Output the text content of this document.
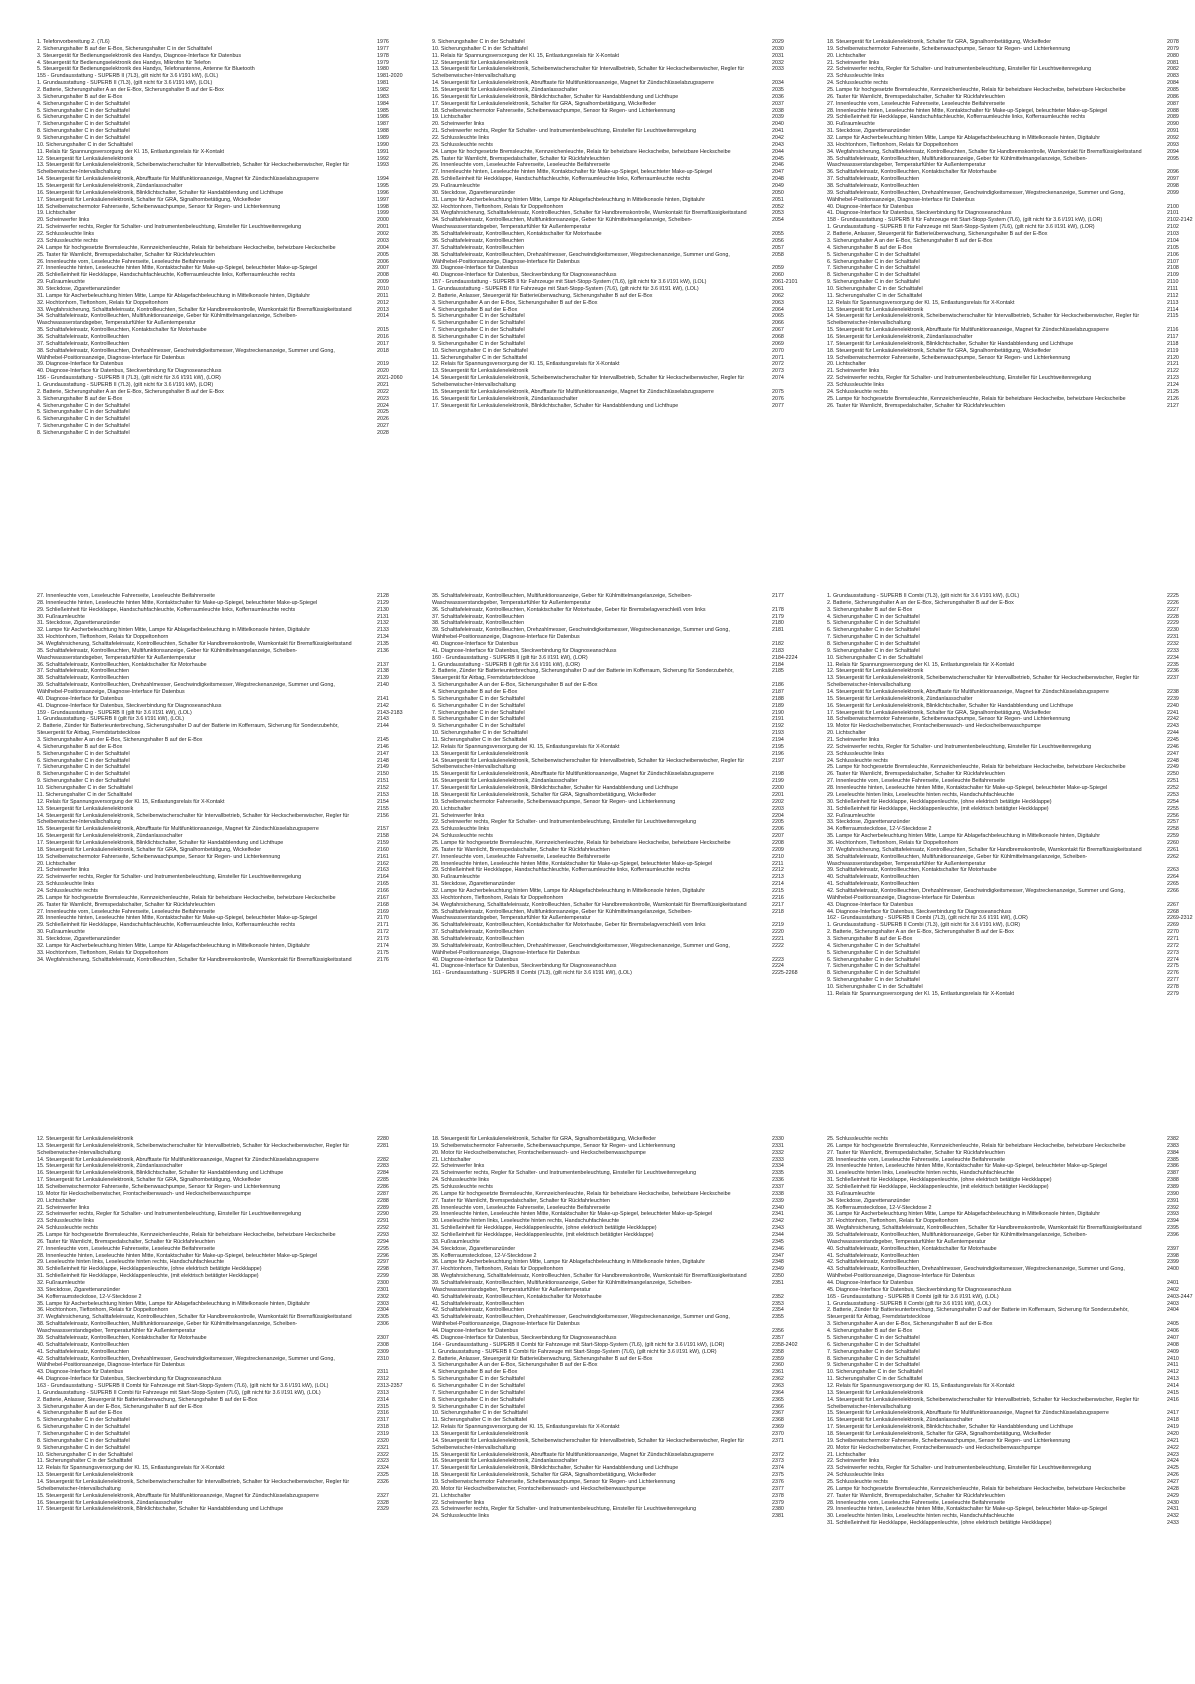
1. Telefonvorbereitung 2. (7L6)	1976
2. Sicherungshalter B auf der E-Box, Sicherungshalter C in der Schalttafel	1977
3. Steuergerät für Bedienungselektronik des Handys, Diagnose-Interface für Datenbus	1978
4. Steuergerät für Bedienungselektronik des Handys, Mikrofon für Telefon	1979
5. Steuergerät für Bedienungselektronik des Handys, Telefonantenne, Antenne für Bluetooth	1980
155 - Grundausstattung - SUPERB II (7L3), gilt nicht für 3.6 l/191 kW), (LOL)	1981-2020
1. Grundausstattung - SUPERB II (7L3), (gilt nicht für 3.6 l/191 kW), (LOL)	1981
2. Batterie, Sicherungshalter A an der E-Box, Sicherungshalter B auf der E-Box	1982
3. Sicherungshalter B auf der E-Box	1983
4. Sicherungshalter C in der Schalttafel	1984
5. Sicherungshalter C in der Schalttafel	1985
6. Sicherungshalter C in der Schalttafel	1986
7. Sicherungshalter C in der Schalttafel	1987
8. Sicherungshalter C in der Schalttafel	1988
9. Sicherungshalter C in der Schalttafel	1989
10. Sicherungshalter C in der Schalttafel	1990
11. Relais für Spannungsversorgung der Kl. 15, Entlastungsrelais für X-Kontakt	1991
12. Steuergerät für Lenksäulenelektronik	1992
13. Steuergerät für Lenksäulenelektronik, Scheibenwischerschalter für Intervallbetrieb, Schalter für Heckscheibenwischer, Regler für Scheibenwischer-Intervallschaltung
1993
14. Steuergerät für Lenksäulenelektronik, Abrufftaste für Multifunktionsanzeige, Magnet für Zündschlüsselabzugssperre	1994
15. Steuergerät für Lenksäulenelektronik, Zündanlassschalter	1995
16. Steuergerät für Lenksäulenelektronik, Blinklichtschalter, Schalter für Handabblendung und Lichthupe	1996
17. Steuergerät für Lenksäulenelektronik, Schalter für GRA, Signalhornbetätigung, Wickelfeder	1997
18. Scheibenwischermotor Fahrerseite, Scheibenwaschpumpe, Sensor für Regen- und Lichterkennung	1998
19. Lichtschalter	1999
20. Scheinwerfer links	2000
21. Scheinwerfer rechts, Regler für Schalter- und Instrumentenbeleuchtung, Einsteller für Leuchtweitenregelung	2001
22. Schlussleuchte links	2002
23. Schlussleuchte rechts	2003
24. Lampe für hochgesetzte Bremsleuchte, Kennzeichenleuchte, Relais für beheizbare Heckscheibe, beheizbare Heckscheibe	2004
25. Taster für Warnlicht, Bremspedalschalter, Schalter für Rückfahrleuchten	2005
26. Innenleuchte vorn, Leseleuchte Fahrerseite, Leseleuchte Beifahrerseite	2006
27. Innenleuchte hinten, Leseleuchte hinten Mitte, Kontaktschalter für Make-up-Spiegel, beleuchteter Make-up-Spiegel	2007
28. Schließeinheit für Heckklappe, Handschuhfachleuchte, Kofferraumleuchte links, Kofferraumleuchte rechts	2008
29. Fußraumleuchte	2009
30. Steckdose, Zigarettenanzünder	2010
31. Lampe für Ascherbeleuchtung hinten Mitte, Lampe für Ablagefachbeleuchtung in Mittelkonsole hinten, Digitaluhr	2011
32. Hochtonhorn, Tieftonhorn, Relais für Doppeltonhorn	2012
33. Wegfahrsicherung, Schalttafeleinsatz, Kontrollleuchten, Schalter für Handbremskontrolle, Warnkontakt für Bremsflüssigkeitsstand	2013
34. Schalttafeleinsatz, Kontrollleuchten, Multifunktionsanzeige, Geber für Kühlmittelmangelanzeige, Scheiben-Waschwassserstandsgeber, Temperaturfühler für Außentemperatur
2014
35. Schalttafeleinsatz, Kontrollleuchten, Kontaktschalter für Motorhaube	2015
36. Schalttafeleinsatz, Kontrollleuchten	2016
37. Schalttafeleinsatz, Kontrollleuchten	2017
38. Schalttafeleinsatz, Kontrollleuchten, Drehzahlmesser, Geschwindigkeitsmesser, Wegstreckenanzeige, Summer und Gong, Wählhebel-Positionsanzeige, Diagnose-Interface für Datenbus
2018
39. Diagnose-Interface für Datenbus	2019
40. Diagnose-Interface für Datenbus, Steckverbindung für Diagnoseanschluss	2020
156 - Grundausstattung - SUPERB II (7L3), (gilt nicht für 3.6 l/191 kW), (LOR)	2021-2060
1. Grundausstattung - SUPERB II (7L3), (gilt nicht für 3.6 l/191 kW), (LOR)	2021
2. Batterie, Sicherungshalter A an der E-Box, Sicherungshalter B auf der E-Box	2022
3. Sicherungshalter B auf der E-Box	2023
4. Sicherungshalter C in der Schalttafel	2024
5. Sicherungshalter C in der Schalttafel	2025
6. Sicherungshalter C in der Schalttafel	2026
7. Sicherungshalter C in der Schalttafel	2027
8. Sicherungshalter C in der Schalttafel	2028
9. Sicherungshalter C in der Schalttafel	2029
10. Sicherungshalter C in der Schalttafel	2030
11. Relais für Spannungsversorgung der Kl. 15, Entlastungsrelais für X-Kontakt	2031
12. Steuergerät für Lenksäulenelektronik	2032
13. Steuergerät für Lenksäulenelektronik, Scheibenwischerschalter für Intervallbetrieb, Schalter für Heckscheibenwischer, Regler für Scheibenwischer-Intervallschaltung
2033
14. Steuergerät für Lenksäulenelektronik, Abrufftaste für Multifunktionsanzeige, Magnet für Zündschlüsselabzugssperre	2034
15. Steuergerät für Lenksäulenelektronik, Zündanlassschalter	2035
16. Steuergerät für Lenksäulenelektronik, Blinklichtschalter, Schalter für Handabblendung und Lichthupe	2036
17. Steuergerät für Lenksäulenelektronik, Schalter für GRA, Signalhornbetätigung, Wickelfeder	2037
18. Scheibenwischermotor Fahrerseite, Scheibenwaschpumpe, Sensor für Regen- und Lichterkennung	2038
19. Lichtschalter	2039
20. Scheinwerfer links	2040
21. Scheinwerfer rechts, Regler für Schalter- und Instrumentenbeleuchtung, Einsteller für Leuchtweitenregelung	2041
22. Schlussleuchte links	2042
23. Schlussleuchte rechts	2043
24. Lampe für hochgesetzte Bremsleuchte, Kennzeichenleuchte, Relais für beheizbare Heckscheibe, beheizbare Heckscheibe	2044
25. Taster für Warnlicht, Bremspedalschalter, Schalter für Rückfahrleuchten	2045
26. Innenleuchte vorn, Leseleuchte Fahrerseite, Leseleuchte Beifahrerseite	2046
27. Innenleuchte hinten, Leseleuchte hinten Mitte, Kontaktschalter für Make-up-Spiegel, beleuchteter Make-up-Spiegel	2047
28. Schließeinheit für Heckklappe, Handschuhfachleuchte, Kofferraumleuchte links, Kofferraumleuchte rechts	2048
29. Fußraumleuchte	2049
30. Steckdose, Zigarettenanzünder	2050
31. Lampe für Ascherbeleuchtung hinten Mitte, Lampe für Ablagefachbeleuchtung in Mittelkonsole hinten, Digitaluhr	2051
32. Hochtonhorn, Tieftonhorn, Relais für Doppeltonhorn	2052
33. Wegfahrsicherung, Schalttafeleinsatz, Kontrollleuchten, Schalter für Handbremskontrolle, Warnkontakt für Bremsflüssigkeitsstand	2053
34. Schalttafeleinsatz, Kontrollleuchten, Multifunktionsanzeige, Geber für Kühlmittelmangelanzeige, Scheiben-Waschwassserstandsgeber, Temperaturfühler für Außentemperatur
2054
35. Schalttafeleinsatz, Kontrollleuchten, Kontaktschalter für Motorhaube	2055
36. Schalttafeleinsatz, Kontrollleuchten	2056
37. Schalttafeleinsatz, Kontrollleuchten	2057
38. Schalttafeleinsatz, Kontrollleuchten, Drehzahlmesser, Geschwindigkeitsmesser, Wegstreckenanzeige, Summer und Gong, Wählhebel-Positionsanzeige, Diagnose-Interface für Datenbus
2058
39. Diagnose-Interface für Datenbus	2059
40. Diagnose-Interface für Datenbus, Steckverbindung für Diagnoseanschluss	2060
157 - Grundausstattung - SUPERB II für Fahrzeuge mit Start-Stopp-System (7L6), (gilt nicht für 3.6 l/191 kW), (LOL)	2061-2101
1. Grundausstattung - SUPERB II für Fahrzeuge mit Start-Stopp-System (7L6), (gilt nicht für 3.6 l/191 kW), (LOL)	2061
2. Batterie, Anlasser, Steuergerät für Batterieüberwachung, Sicherungshalter B auf der E-Box	2062
3. Sicherungshalter A an der E-Box, Sicherungshalter B auf der E-Box	2063
4. Sicherungshalter B auf der E-Box	2064
5. Sicherungshalter C in der Schalttafel	2065
6. Sicherungshalter C in der Schalttafel	2066
7. Sicherungshalter C in der Schalttafel	2067
8. Sicherungshalter C in der Schalttafel	2068
9. Sicherungshalter C in der Schalttafel	2069
10. Sicherungshalter C in der Schalttafel	2070
11. Sicherungshalter C in der Schalttafel	2071
12. Relais für Spannungsversorgung der Kl. 15, Entlastungsrelais für X-Kontakt	2072
13. Steuergerät für Lenksäulenelektronik	2073
14. Steuergerät für Lenksäulenelektronik, Scheibenwischerschalter für Intervallbetrieb, Schalter für Heckscheibenwischer, Regler für Scheibenwischer-Intervallschaltung
2074
15. Steuergerät für Lenksäulenelektronik, Abrufftaste für Multifunktionsanzeige, Magnet für Zündschlüsselabzugssperre	2075
16. Steuergerät für Lenksäulenelektronik, Zündanlassschalter	2076
17. Steuergerät für Lenksäulenelektronik, Blinklichtschalter, Schalter für Handabblendung und Lichthupe	2077
18. Steuergerät für Lenksäulenelektronik, Schalter für GRA, Signalhornbetätigung, Wickelfeder	2078
19. Scheibenwischermotor Fahrerseite, Scheibenwaschpumpe, Sensor für Regen- und Lichterkennung	2079
20. Lichtschalter	2080
21. Scheinwerfer links	2081
22. Scheinwerfer rechts, Regler für Schalter- und Instrumentenbeleuchtung, Einsteller für Leuchtweitenregelung	2082
23. Schlussleuchte links	2083
24. Schlussleuchte rechts	2084
25. Lampe für hochgesetzte Bremsleuchte, Kennzeichenleuchte, Relais für beheizbare Heckscheibe, beheizbare Heckscheibe	2085
26. Taster für Warnlicht, Bremspedalschalter, Schalter für Rückfahrleuchten	2086
27. Innenleuchte vorn, Leseleuchte Fahrerseite, Leseleuchte Beifahrerseite	2087
28. Innenleuchte hinten, Leseleuchte hinten Mitte, Kontaktschalter für Make-up-Spiegel, beleuchteter Make-up-Spiegel	2088
29. Schließeinheit für Heckklappe, Handschuhfachleuchte, Kofferraumleuchte links, Kofferraumleuchte rechts	2089
30. Fußraumleuchte	2090
31. Steckdose, Zigarettenanzünder	2091
32. Lampe für Ascherbeleuchtung hinten Mitte, Lampe für Ablagefachbeleuchtung in Mittelkonsole hinten, Digitaluhr	2092
33. Hochtonhorn, Tieftonhorn, Relais für Doppeltonhorn	2093
34. Wegfahrsicherung, Schalttafeleinsatz, Kontrollleuchten, Schalter für Handbremskontrolle, Warnkontakt für Bremsflüssigkeitsstand	2094
35. Schalttafeleinsatz, Kontrollleuchten, Multifunktionsanzeige, Geber für Kühlmittelmangelanzeige, Scheiben-Waschwassserstandsgeber, Temperaturfühler für Außentemperatur
2095
36. Schalttafeleinsatz, Kontrollleuchten, Kontaktschalter für Motorhaube	2096
37. Schalttafeleinsatz, Kontrollleuchten	2097
38. Schalttafeleinsatz, Kontrollleuchten	2098
39. Schalttafeleinsatz, Kontrollleuchten, Drehzahlmesser, Geschwindigkeitsmesser, Wegstreckenanzeige, Summer und Gong, Wählhebel-Positionsanzeige, Diagnose-Interface für Datenbus
2099
40. Diagnose-Interface für Datenbus	2100
41. Diagnose-Interface für Datenbus, Steckverbindung für Diagnoseanschluss	2101
158 - Grundausstattung - SUPERB II für Fahrzeuge mit Start-Stopp-System (7L6), (gilt nicht für 3.6 l/191 kW), (LOR)	2102-2142
1. Grundausstattung - SUPERB II für Fahrzeuge mit Start-Stopp-System (7L6), (gilt nicht für 3.6 l/191 kW), (LOR)	2102
2. Batterie, Anlasser, Steuergerät für Batterieüberwachung, Sicherungshalter B auf der E-Box	2103
3. Sicherungshalter A an der E-Box, Sicherungshalter B auf der E-Box	2104
4. Sicherungshalter B auf der E-Box	2105
5. Sicherungshalter C in der Schalttafel	2106
6. Sicherungshalter C in der Schalttafel	2107
7. Sicherungshalter C in der Schalttafel	2108
8. Sicherungshalter C in der Schalttafel	2109
9. Sicherungshalter C in der Schalttafel	2110
10. Sicherungshalter C in der Schalttafel	2111
11. Sicherungshalter C in der Schalttafel	2112
12. Relais für Spannungsversorgung der Kl. 15, Entlastungsrelais für X-Kontakt	2113
13. Steuergerät für Lenksäulenelektronik	2114
14. Steuergerät für Lenksäulenelektronik, Scheibenwischerschalter für Intervallbetrieb, Schalter für Heckscheibenwischer, Regler für Scheibenwischer-Intervallschaltung
2115
15. Steuergerät für Lenksäulenelektronik, Abrufftaste für Multifunktionsanzeige, Magnet für Zündschlüsselabzugssperre	2116
16. Steuergerät für Lenksäulenelektronik, Zündanlassschalter	2117
17. Steuergerät für Lenksäulenelektronik, Blinklichtschalter, Schalter für Handabblendung und Lichthupe	2118
18. Steuergerät für Lenksäulenelektronik, Schalter für GRA, Signalhornbetätigung, Wickelfeder	2119
19. Scheibenwischermotor Fahrerseite, Scheibenwaschpumpe, Sensor für Regen- und Lichterkennung	2120
20. Lichtschalter	2121
21. Scheinwerfer links	2122
22. Scheinwerfer rechts, Regler für Schalter- und Instrumentenbeleuchtung, Einsteller für Leuchtweitenregelung	2123
23. Schlussleuchte links	2124
24. Schlussleuchte rechts	2125
25. Lampe für hochgesetzte Bremsleuchte, Kennzeichenleuchte, Relais für beheizbare Heckscheibe, beheizbare Heckscheibe	2126
26. Taster für Warnlicht, Bremspedalschalter, Schalter für Rückfahrleuchten	2127
27. Innenleuchte vorn, Leseleuchte Fahrerseite, Leseleuchte Beifahrerseite	2128
28. Innenleuchte hinten, Leseleuchte hinten Mitte, Kontaktschalter für Make-up-Spiegel, beleuchteter Make-up-Spiegel	2129
29. Schließeinheit für Heckklappe, Handschuhfachleuchte, Kofferraumleuchte links, Kofferraumleuchte rechts	2130
30. Fußraumleuchte	2131
31. Steckdose, Zigarettenanzünder	2132
32. Lampe für Ascherbeleuchtung hinten Mitte, Lampe für Ablagefachbeleuchtung in Mittelkonsole hinten, Digitaluhr	2133
33. Hochtonhorn, Tieftonhorn, Relais für Doppeltonhorn	2134
34. Wegfahrsicherung, Schalttafeleinsatz, Kontrollleuchten, Schalter für Handbremskontrolle, Warnkontakt für Bremsflüssigkeitsstand	2135
35. Schalttafeleinsatz, Kontrollleuchten, Multifunktionsanzeige, Geber für Kühlmittelmangelanzeige, Scheiben-Waschwassserstandsgeber, Temperaturfühler für Außentemperatur
2136
36. Schalttafeleinsatz, Kontrollleuchten, Kontaktschalter für Motorhaube	2137
37. Schalttafeleinsatz, Kontrollleuchten	2138
38. Schalttafeleinsatz, Kontrollleuchten	2139
39. Schalttafeleinsatz, Kontrollleuchten, Drehzahlmesser, Geschwindigkeitsmesser, Wegstreckenanzeige, Summer und Gong, Wählhebel-Positionsanzeige, Diagnose-Interface für Datenbus
2140
40. Diagnose-Interface für Datenbus	2141
41. Diagnose-Interface für Datenbus, Steckverbindung für Diagnoseanschluss	2142
159 - Grundausstattung - SUPERB II (gilt für 3.6 l/191 kW), (LOL)	2143-2183
1. Grundausstattung - SUPERB II (gilt für 3.6 l/191 kW), (LOL)	2143
2. Batterie, Zünder für Batterieunterbrechung, Sicherungshalter D auf der Batterie im Kofferraum, Sicherung für Sonderzubehör, Steuergerät für Airbag, Fremdstartstecklose
2144
3. Sicherungshalter A an der E-Box, Sicherungshalter B auf der E-Box	2145
4. Sicherungshalter B auf der E-Box	2146
5. Sicherungshalter C in der Schalttafel	2147
6. Sicherungshalter C in der Schalttafel	2148
7. Sicherungshalter C in der Schalttafel	2149
8. Sicherungshalter C in der Schalttafel	2150
9. Sicherungshalter C in der Schalttafel	2151
10. Sicherungshalter C in der Schalttafel	2152
11. Sicherungshalter C in der Schalttafel	2153
12. Relais für Spannungsversorgung der Kl. 15, Entlastungsrelais für X-Kontakt	2154
13. Steuergerät für Lenksäulenelektronik	2155
14. Steuergerät für Lenksäulenelektronik, Scheibenwischerschalter für Intervallbetrieb, Schalter für Heckscheibenwischer, Regler für Scheibenwischer-Intervallschaltung
2156
15. Steuergerät für Lenksäulenelektronik, Abrufftaste für Multifunktionsanzeige, Magnet für Zündschlüsselabzugssperre	2157
16. Steuergerät für Lenksäulenelektronik, Zündanlassschalter	2158
17. Steuergerät für Lenksäulenelektronik, Blinklichtschalter, Schalter für Handabblendung und Lichthupe	2159
18. Steuergerät für Lenksäulenelektronik, Schalter für GRA, Signalhornbetätigung, Wickelfeder	2160
19. Scheibenwischermotor Fahrerseite, Scheibenwaschpumpe, Sensor für Regen- und Lichterkennung	2161
20. Lichtschalter	2162
21. Scheinwerfer links	2163
22. Scheinwerfer rechts, Regler für Schalter- und Instrumentenbeleuchtung, Einsteller für Leuchtweitenregelung	2164
23. Schlussleuchte links	2165
24. Schlussleuchte rechts	2166
25. Lampe für hochgesetzte Bremsleuchte, Kennzeichenleuchte, Relais für beheizbare Heckscheibe, beheizbare Heckscheibe	2167
26. Taster für Warnlicht, Bremspedalschalter, Schalter für Rückfahrleuchten	2168
27. Innenleuchte vorn, Leseleuchte Fahrerseite, Leseleuchte Beifahrerseite	2169
28. Innenleuchte hinten, Leseleuchte hinten Mitte, Kontaktschalter für Make-up-Spiegel, beleuchteter Make-up-Spiegel	2170
29. Schließeinheit für Heckklappe, Handschuhfachleuchte, Kofferraumleuchte links, Kofferraumleuchte rechts	2171
30. Fußraumleuchte	2172
31. Steckdose, Zigarettenanzünder	2173
32. Lampe für Ascherbeleuchtung hinten Mitte, Lampe für Ablagefachbeleuchtung in Mittelkonsole hinten, Digitaluhr	2174
33. Hochtonhorn, Tieftonhorn, Relais für Doppeltonhorn	2175
34. Wegfahrsicherung, Schalttafeleinsatz, Kontrollleuchten, Schalter für Handbremskontrolle, Warnkontakt für Bremsflüssigkeitsstand	2176
35. Schalttafeleinsatz, Kontrollleuchten, Multifunktionsanzeige, Geber für Kühlmittelmangelanzeige, Scheiben-Waschwassserstandsgeber, Temperaturfühler für Außentemperatur
2177
36. Schalttafeleinsatz, Kontrollleuchten, Kontaktschalter für Motorhaube, Geber für Bremsbelagverschleiß vorn links	2178
37. Schalttafeleinsatz, Kontrollleuchten	2179
38. Schalttafeleinsatz, Kontrollleuchten	2180
39. Schalttafeleinsatz, Kontrollleuchten, Drehzahlmesser, Geschwindigkeitsmesser, Wegstreckenanzeige, Summer und Gong, Wählhebel-Positionsanzeige, Diagnose-Interface für Datenbus
2181
40. Diagnose-Interface für Datenbus	2182
41. Diagnose-Interface für Datenbus, Steckverbindung für Diagnoseanschluss	2183
160 - Grundausstattung - SUPERB II (gilt für 3.6 l/191 kW), (LOR)	2184-2224
1. Grundausstattung - SUPERB II (gilt für 3.6 l/191 kW), (LOR)	2184
2. Batterie, Zünder für Batterieunterbrechung, Sicherungshalter D auf der Batterie im Kofferraum, Sicherung für Sonderzubehör, Steuergerät für Airbag, Fremdstartstecklose
2185
3. Sicherungshalter A an der E-Box, Sicherungshalter B auf der E-Box	2186
4. Sicherungshalter B auf der E-Box	2187
5. Sicherungshalter C in der Schalttafel	2188
6. Sicherungshalter C in der Schalttafel	2189
7. Sicherungshalter C in der Schalttafel	2190
8. Sicherungshalter C in der Schalttafel	2191
9. Sicherungshalter C in der Schalttafel	2192
10. Sicherungshalter C in der Schalttafel	2193
11. Sicherungshalter C in der Schalttafel	2194
12. Relais für Spannungsversorgung der Kl. 15, Entlastungsrelais für X-Kontakt	2195
13. Steuergerät für Lenksäulenelektronik	2196
14. Steuergerät für Lenksäulenelektronik, Scheibenwischerschalter für Intervallbetrieb, Schalter für Heckscheibenwischer, Regler für Scheibenwischer-Intervallschaltung
2197
15. Steuergerät für Lenksäulenelektronik, Abrufftaste für Multifunktionsanzeige, Magnet für Zündschlüsselabzugssperre	2198
16. Steuergerät für Lenksäulenelektronik, Zündanlassschalter	2199
17. Steuergerät für Lenksäulenelektronik, Blinklichtschalter, Schalter für Handabblendung und Lichthupe	2200
18. Steuergerät für Lenksäulenelektronik, Schalter für GRA, Signalhornbetätigung, Wickelfeder	2201
19. Scheibenwischermotor Fahrerseite, Scheibenwaschpumpe, Sensor für Regen- und Lichterkennung	2202
20. Lichtschalter	2203
21. Scheinwerfer links	2204
22. Scheinwerfer rechts, Regler für Schalter- und Instrumentenbeleuchtung, Einsteller für Leuchtweitenregelung	2205
23. Schlussleuchte links	2206
24. Schlussleuchte rechts	2207
25. Lampe für hochgesetzte Bremsleuchte, Kennzeichenleuchte, Relais für beheizbare Heckscheibe, beheizbare Heckscheibe	2208
26. Taster für Warnlicht, Bremspedalschalter, Schalter für Rückfahrleuchten	2209
27. Innenleuchte vorn, Leseleuchte Fahrerseite, Leseleuchte Beifahrerseite	2210
28. Innenleuchte hinten, Leseleuchte hinten Mitte, Kontaktschalter für Make-up-Spiegel, beleuchteter Make-up-Spiegel	2211
29. Schließeinheit für Heckklappe, Handschuhfachleuchte, Kofferraumleuchte links, Kofferraumleuchte rechts	2212
30. Fußraumleuchte	2213
31. Steckdose, Zigarettenanzünder	2214
32. Lampe für Ascherbeleuchtung hinten Mitte, Lampe für Ablagefachbeleuchtung in Mittelkonsole hinten, Digitaluhr	2215
33. Hochtonhorn, Tieftonhorn, Relais für Doppeltonhorn	2216
34. Wegfahrsicherung, Schalttafeleinsatz, Kontrollleuchten, Schalter für Handbremskontrolle, Warnkontakt für Bremsflüssigkeitsstand	2217
35. Schalttafeleinsatz, Kontrollleuchten, Multifunktionsanzeige, Geber für Kühlmittelmangelanzeige, Scheiben-Waschwassserstandsgeber, Temperaturfühler für Außentemperatur
2218
36. Schalttafeleinsatz, Kontrollleuchten, Kontaktschalter für Motorhaube, Geber für Bremsbelagverschleiß vorn links	2219
37. Schalttafeleinsatz, Kontrollleuchten	2220
38. Schalttafeleinsatz, Kontrollleuchten	2221
39. Schalttafeleinsatz, Kontrollleuchten, Drehzahlmesser, Geschwindigkeitsmesser, Wegstreckenanzeige, Summer und Gong, Wählhebel-Positionsanzeige, Diagnose-Interface für Datenbus
2222
40. Diagnose-Interface für Datenbus	2223
41. Diagnose-Interface für Datenbus, Steckverbindung für Diagnoseanschluss	2224
161 - Grundausstattung - SUPERB II Combi (7L3), (gilt nicht für 3.6 l/191 kW), (LOL)	2225-2268
1. Grundausstattung - SUPERB II Combi (7L3), (gilt nicht für 3.6 l/191 kW), (LOL)	2225
2. Batterie, Sicherungshalter A an der E-Box, Sicherungshalter B auf der E-Box	2226
3. Sicherungshalter B auf der E-Box	2227
4. Sicherungshalter C in der Schalttafel	2228
5. Sicherungshalter C in der Schalttafel	2229
6. Sicherungshalter C in der Schalttafel	2230
7. Sicherungshalter C in der Schalttafel	2231
8. Sicherungshalter C in der Schalttafel	2232
9. Sicherungshalter C in der Schalttafel	2233
10. Sicherungshalter C in der Schalttafel	2234
11. Relais für Spannungsversorgung der Kl. 15, Entlastungsrelais für X-Kontakt	2235
12. Steuergerät für Lenksäulenelektronik	2236
13. Steuergerät für Lenksäulenelektronik, Scheibenwischerschalter für Intervallbetrieb, Schalter für Heckscheibenwischer, Regler für Scheibenwischer-Intervallschaltung
2237
14. Steuergerät für Lenksäulenelektronik, Abrufftaste für Multifunktionsanzeige, Magnet für Zündschlüsselabzugssperre	2238
15. Steuergerät für Lenksäulenelektronik, Zündanlassschalter	2239
16. Steuergerät für Lenksäulenelektronik, Blinklichtschalter, Schalter für Handabblendung und Lichthupe	2240
17. Steuergerät für Lenksäulenelektronik, Schalter für GRA, Signalhornbetätigung, Wickelfeder	2241
18. Scheibenwischermotor Fahrerseite, Scheibenwaschpumpe, Sensor für Regen- und Lichterkennung	2242
19. Motor für Heckscheibenwischer, Frontscheibenwasch- und Heckscheibenwaschpumpe	2243
20. Lichtschalter	2244
21. Scheinwerfer links	2245
22. Scheinwerfer rechts, Regler für Schalter- und Instrumentenbeleuchtung, Einsteller für Leuchtweitenregelung	2246
23. Schlussleuchte links	2247
24. Schlussleuchte rechts	2248
25. Lampe für hochgesetzte Bremsleuchte, Kennzeichenleuchte, Relais für beheizbare Heckscheibe, beheizbare Heckscheibe	2249
26. Taster für Warnlicht, Bremspedalschalter, Schalter für Rückfahrleuchten	2250
27. Innenleuchte vorn, Leseleuchte Fahrerseite, Leseleuchte Beifahrerseite	2251
28. Innenleuchte hinten, Leseleuchte hinten Mitte, Kontaktschalter für Make-up-Spiegel, beleuchteter Make-up-Spiegel	2252
29. Leseleuchte hinten links, Leseleuchte hinten rechts, Handschuhfachleuchte	2253
30. Schließeinheit für Heckklappe, Heckklappenleuchte, (ohne elektrisch betätigte Heckklappe)	2254
31. Schließeinheit für Heckklappe, Heckklappenleuchte, (mit elektrisch betätigter Heckklappe)	2255
32. Fußraumleuchte	2256
33. Steckdose, Zigarettenanzünder	2257
34. Kofferraumsteckdose, 12-V-Steckdose 2	2258
35. Lampe für Ascherbeleuchtung hinten Mitte, Lampe für Ablagefachbeleuchtung in Mittelkonsole hinten, Digitaluhr	2259
36. Hochtonhorn, Tieftonhorn, Relais für Doppeltonhorn	2260
37. Wegfahrsicherung, Schalttafeleinsatz, Kontrollleuchten, Schalter für Handbremskontrolle, Warnkontakt für Bremsflüssigkeitsstand	2261
38. Schalttafeleinsatz, Kontrollleuchten, Multifunktionsanzeige, Geber für Kühlmittelmangelanzeige, Scheiben-Waschwassserstandsgeber, Temperaturfühler für Außentemperatur
2262
39. Schalttafeleinsatz, Kontrollleuchten, Kontaktschalter für Motorhaube	2263
40. Schalttafeleinsatz, Kontrollleuchten	2264
41. Schalttafeleinsatz, Kontrollleuchten	2265
42. Schalttafeleinsatz, Kontrollleuchten, Drehzahlmesser, Geschwindigkeitsmesser, Wegstreckenanzeige, Summer und Gong, Wählhebel-Positionsanzeige, Diagnose-Interface für Datenbus
2266
43. Diagnose-Interface für Datenbus	2267
44. Diagnose-Interface für Datenbus, Steckverbindung für Diagnoseanschluss	2268
162 - Grundausstattung - SUPERB II Combi (7L3), (gilt nicht für 3.6 l/191 kW), (LOR)	2269-2312
1. Grundausstattung - SUPERB II Combi (7L3), (gilt nicht für 3.6 l/191 kW), (LOR)	2269
2. Batterie, Sicherungshalter A an der E-Box, Sicherungshalter B auf der E-Box	2270
3. Sicherungshalter B auf der E-Box	2271
4. Sicherungshalter C in der Schalttafel	2272
5. Sicherungshalter C in der Schalttafel	2273
6. Sicherungshalter C in der Schalttafel	2274
7. Sicherungshalter C in der Schalttafel	2275
8. Sicherungshalter C in der Schalttafel	2276
9. Sicherungshalter C in der Schalttafel	2277
10. Sicherungshalter C in der Schalttafel	2278
11. Relais für Spannungsversorgung der Kl. 15, Entlastungsrelais für X-Kontakt	2279
12. Steuergerät für Lenksäulenelektronik	2280
13. Steuergerät für Lenksäulenelektronik, Scheibenwischerschalter für Intervallbetrieb, Schalter für Heckscheibenwischer, Regler für Scheibenwischer-Intervallschaltung
2281
14. Steuergerät für Lenksäulenelektronik, Abrufftaste für Multifunktionsanzeige, Magnet für Zündschlüsselabzugssperre	2282
15. Steuergerät für Lenksäulenelektronik, Zündanlassschalter	2283
16. Steuergerät für Lenksäulenelektronik, Blinklichtschalter, Schalter für Handabblendung und Lichthupe	2284
17. Steuergerät für Lenksäulenelektronik, Schalter für GRA, Signalhornbetätigung, Wickelfeder	2285
18. Scheibenwischermotor Fahrerseite, Scheibenwaschpumpe, Sensor für Regen- und Lichterkennung	2286
19. Motor für Heckscheibenwischer, Frontscheibenwasch- und Heckscheibenwaschpumpe	2287
20. Lichtschalter	2288
21. Scheinwerfer links	2289
22. Scheinwerfer rechts, Regler für Schalter- und Instrumentenbeleuchtung, Einsteller für Leuchtweitenregelung	2290
23. Schlussleuchte links	2291
24. Schlussleuchte rechts	2292
25. Lampe für hochgesetzte Bremsleuchte, Kennzeichenleuchte, Relais für beheizbare Heckscheibe, beheizbare Heckscheibe	2293
26. Taster für Warnlicht, Bremspedalschalter, Schalter für Rückfahrleuchten	2294
27. Innenleuchte vorn, Leseleuchte Fahrerseite, Leseleuchte Beifahrerseite	2295
28. Innenleuchte hinten, Leseleuchte hinten Mitte, Kontaktschalter für Make-up-Spiegel, beleuchteter Make-up-Spiegel	2296
29. Leseleuchte hinten links, Leseleuchte hinten rechts, Handschuhfachleuchte	2297
30. Schließeinheit für Heckklappe, Heckklappenleuchte, (ohne elektrisch betätigte Heckklappe)	2298
31. Schließeinheit für Heckklappe, Heckklappenleuchte, (mit elektrisch betätigter Heckklappe)	2299
32. Fußraumleuchte	2300
33. Steckdose, Zigarettenanzünder	2301
34. Kofferraumsteckdose, 12-V-Steckdose 2	2302
35. Lampe für Ascherbeleuchtung hinten Mitte, Lampe für Ablagefachbeleuchtung in Mittelkonsole hinten, Digitaluhr	2303
36. Hochtonhorn, Tieftonhorn, Relais für Doppeltonhorn	2304
37. Wegfahrsicherung, Schalttafeleinsatz, Kontrollleuchten, Schalter für Handbremskontrolle, Warnkontakt für Bremsflüssigkeitsstand	2305
38. Schalttafeleinsatz, Kontrollleuchten, Multifunktionsanzeige, Geber für Kühlmittelmangelanzeige, Scheiben-Waschwassserstandsgeber, Temperaturfühler für Außentemperatur
2306
39. Schalttafeleinsatz, Kontrollleuchten, Kontaktschalter für Motorhaube	2307
40. Schalttafeleinsatz, Kontrollleuchten	2308
41. Schalttafeleinsatz, Kontrollleuchten	2309
42. Schalttafeleinsatz, Kontrollleuchten, Drehzahlmesser, Geschwindigkeitsmesser, Wegstreckenanzeige, Summer und Gong, Wählhebel-Positionsanzeige, Diagnose-Interface für Datenbus
2310
43. Diagnose-Interface für Datenbus	2311
44. Diagnose-Interface für Datenbus, Steckverbindung für Diagnoseanschluss	2312
163 - Grundausstattung - SUPERB II Combi für Fahrzeuge mit Start-Stopp-System (7L6), (gilt nicht für 3.6 l/191 kW), (LOL)	2313-2357
1. Grundausstattung - SUPERB II Combi für Fahrzeuge mit Start-Stopp-System (7L6), (gilt nicht für 3.6 l/191 kW), (LOL)	2313
2. Batterie, Anlasser, Steuergerät für Batterieüberwachung, Sicherungshalter B auf der E-Box	2314
3. Sicherungshalter A an der E-Box, Sicherungshalter B auf der E-Box	2315
4. Sicherungshalter B auf der E-Box	2316
5. Sicherungshalter C in der Schalttafel	2317
6. Sicherungshalter C in der Schalttafel	2318
7. Sicherungshalter C in der Schalttafel	2319
8. Sicherungshalter C in der Schalttafel	2320
9. Sicherungshalter C in der Schalttafel	2321
10. Sicherungshalter C in der Schalttafel	2322
11. Sicherungshalter C in der Schalttafel	2323
12. Relais für Spannungsversorgung der Kl. 15, Entlastungsrelais für X-Kontakt	2324
13. Steuergerät für Lenksäulenelektronik	2325
14. Steuergerät für Lenksäulenelektronik, Scheibenwischerschalter für Intervallbetrieb, Schalter für Heckscheibenwischer, Regler für Scheibenwischer-Intervallschaltung
2326
15. Steuergerät für Lenksäulenelektronik, Abrufftaste für Multifunktionsanzeige, Magnet für Zündschlüsselabzugssperre	2327
16. Steuergerät für Lenksäulenelektronik, Zündanlassschalter	2328
17. Steuergerät für Lenksäulenelektronik, Blinklichtschalter, Schalter für Handabblendung und Lichthupe	2329
18. Steuergerät für Lenksäulenelektronik, Schalter für GRA, Signalhornbetätigung, Wickelfeder	2330
19. Scheibenwischermotor Fahrerseite, Scheibenwaschpumpe, Sensor für Regen- und Lichterkennung	2331
20. Motor für Heckscheibenwischer, Frontscheibenwasch- und Heckscheibenwaschpumpe	2332
21. Lichtschalter	2333
22. Scheinwerfer links	2334
23. Scheinwerfer rechts, Regler für Schalter- und Instrumentenbeleuchtung, Einsteller für Leuchtweitenregelung	2335
24. Schlussleuchte links	2336
25. Schlussleuchte rechts	2337
26. Lampe für hochgesetzte Bremsleuchte, Kennzeichenleuchte, Relais für beheizbare Heckscheibe, beheizbare Heckscheibe	2338
27. Taster für Warnlicht, Bremspedalschalter, Schalter für Rückfahrleuchten	2339
28. Innenleuchte vorn, Leseleuchte Fahrerseite, Leseleuchte Beifahrerseite	2340
29. Innenleuchte hinten, Leseleuchte hinten Mitte, Kontaktschalter für Make-up-Spiegel, beleuchteter Make-up-Spiegel	2341
30. Leseleuchte hinten links, Leseleuchte hinten rechts, Handschuhfachleuchte	2342
31. Schließeinheit für Heckklappe, Heckklappenleuchte, (ohne elektrisch betätigte Heckklappe)	2343
32. Schließeinheit für Heckklappe, Heckklappenleuchte, (mit elektrisch betätigter Heckklappe)	2344
33. Fußraumleuchte	2345
34. Steckdose, Zigarettenanzünder	2346
35. Kofferraumsteckdose, 12-V-Steckdose 2	2347
36. Lampe für Ascherbeleuchtung hinten Mitte, Lampe für Ablagefachbeleuchtung in Mittelkonsole hinten, Digitaluhr	2348
37. Hochtonhorn, Tieftonhorn, Relais für Doppeltonhorn	2349
38. Wegfahrsicherung, Schalttafeleinsatz, Kontrollleuchten, Schalter für Handbremskontrolle, Warnkontakt für Bremsflüssigkeitsstand	2350
39. Schalttafeleinsatz, Kontrollleuchten, Multifunktionsanzeige, Geber für Kühlmittelmangelanzeige, Scheiben-Waschwassserstandsgeber, Temperaturfühler für Außentemperatur
2351
40. Schalttafeleinsatz, Kontrollleuchten, Kontaktschalter für Motorhaube	2352
41. Schalttafeleinsatz, Kontrollleuchten	2353
42. Schalttafeleinsatz, Kontrollleuchten	2354
43. Schalttafeleinsatz, Kontrollleuchten, Drehzahlmesser, Geschwindigkeitsmesser, Wegstreckenanzeige, Summer und Gong, Wählhebel-Positionsanzeige, Diagnose-Interface für Datenbus
2355
44. Diagnose-Interface für Datenbus	2356
45. Diagnose-Interface für Datenbus, Steckverbindung für Diagnoseanschluss	2357
164 - Grundausstattung - SUPERB II Combi für Fahrzeuge mit Start-Stopp-System (7L6), (gilt nicht für 3.6 l/191 kW), (LOR)	2358-2402
1. Grundausstattung - SUPERB II Combi für Fahrzeuge mit Start-Stopp-System (7L6), (gilt nicht für 3.6 l/191 kW), (LOR)	2358
2. Batterie, Anlasser, Steuergerät für Batterieüberwachung, Sicherungshalter B auf der E-Box	2359
3. Sicherungshalter A an der E-Box, Sicherungshalter B auf der E-Box	2360
4. Sicherungshalter B auf der E-Box	2361
5. Sicherungshalter C in der Schalttafel	2362
6. Sicherungshalter C in der Schalttafel	2363
7. Sicherungshalter C in der Schalttafel	2364
8. Sicherungshalter C in der Schalttafel	2365
9. Sicherungshalter C in der Schalttafel	2366
10. Sicherungshalter C in der Schalttafel	2367
11. Sicherungshalter C in der Schalttafel	2368
12. Relais für Spannungsversorgung der Kl. 15, Entlastungsrelais für X-Kontakt	2369
13. Steuergerät für Lenksäulenelektronik	2370
14. Steuergerät für Lenksäulenelektronik, Scheibenwischerschalter für Intervallbetrieb, Schalter für Heckscheibenwischer, Regler für Scheibenwischer-Intervallschaltung
2371
15. Steuergerät für Lenksäulenelektronik, Abrufftaste für Multifunktionsanzeige, Magnet für Zündschlüsselabzugssperre	2372
16. Steuergerät für Lenksäulenelektronik, Zündanlassschalter	2373
17. Steuergerät für Lenksäulenelektronik, Blinklichtschalter, Schalter für Handabblendung und Lichthupe	2374
18. Steuergerät für Lenksäulenelektronik, Schalter für GRA, Signalhornbetätigung, Wickelfeder	2375
19. Scheibenwischermotor Fahrerseite, Scheibenwaschpumpe, Sensor für Regen- und Lichterkennung	2376
20. Motor für Heckscheibenwischer, Frontscheibenwasch- und Heckscheibenwaschpumpe	2377
21. Lichtschalter	2378
22. Scheinwerfer links	2379
23. Scheinwerfer rechts, Regler für Schalter- und Instrumentenbeleuchtung, Einsteller für Leuchtweitenregelung	2380
24. Schlussleuchte links	2381
25. Schlussleuchte rechts	2382
26. Lampe für hochgesetzte Bremsleuchte, Kennzeichenleuchte, Relais für beheizbare Heckscheibe, beheizbare Heckscheibe	2383
27. Taster für Warnlicht, Bremspedalschalter, Schalter für Rückfahrleuchten	2384
28. Innenleuchte vorn, Leseleuchte Fahrerseite, Leseleuchte Beifahrerseite	2385
29. Innenleuchte hinten, Leseleuchte hinten Mitte, Kontaktschalter für Make-up-Spiegel, beleuchteter Make-up-Spiegel	2386
30. Leseleuchte hinten links, Leseleuchte hinten rechts, Handschuhfachleuchte	2387
31. Schließeinheit für Heckklappe, Heckklappenleuchte, (ohne elektrisch betätigte Heckklappe)	2388
32. Schließeinheit für Heckklappe, Heckklappenleuchte, (mit elektrisch betätigter Heckklappe)	2389
33. Fußraumleuchte	2390
34. Steckdose, Zigarettenanzünder	2391
35. Kofferraumsteckdose, 12-V-Steckdose 2	2392
36. Lampe für Ascherbeleuchtung hinten Mitte, Lampe für Ablagefachbeleuchtung in Mittelkonsole hinten, Digitaluhr	2393
37. Hochtonhorn, Tieftonhorn, Relais für Doppeltonhorn	2394
38. Wegfahrsicherung, Schalttafeleinsatz, Kontrollleuchten, Schalter für Handbremskontrolle, Warnkontakt für Bremsflüssigkeitsstand	2395
39. Schalttafeleinsatz, Kontrollleuchten, Multifunktionsanzeige, Geber für Kühlmittelmangelanzeige, Scheiben-Waschwassserstandsgeber, Temperaturfühler für Außentemperatur
2396
40. Schalttafeleinsatz, Kontrollleuchten, Kontaktschalter für Motorhaube	2397
41. Schalttafeleinsatz, Kontrollleuchten	2398
42. Schalttafeleinsatz, Kontrollleuchten	2399
43. Schalttafeleinsatz, Kontrollleuchten, Drehzahlmesser, Geschwindigkeitsmesser, Wegstreckenanzeige, Summer und Gong, Wählhebel-Positionsanzeige, Diagnose-Interface für Datenbus
2400
44. Diagnose-Interface für Datenbus	2401
45. Diagnose-Interface für Datenbus, Steckverbindung für Diagnoseanschluss	2402
165 - Grundausstattung - SUPERB II Combi (gilt für 3.6 l/191 kW), (LOL)	2403-2447
1. Grundausstattung - SUPERB II Combi (gilt für 3.6 l/191 kW), (LOL)	2403
2. Batterie, Zünder für Batterieunterbrechung, Sicherungshalter D auf der Batterie im Kofferraum, Sicherung für Sonderzubehör, Steuergerät für Airbag, Fremdstartstecklose
2404
3. Sicherungshalter A an der E-Box, Sicherungshalter B auf der E-Box	2405
4. Sicherungshalter B auf der E-Box	2406
5. Sicherungshalter C in der Schalttafel	2407
6. Sicherungshalter C in der Schalttafel	2408
7. Sicherungshalter C in der Schalttafel	2409
8. Sicherungshalter C in der Schalttafel	2410
9. Sicherungshalter C in der Schalttafel	2411
10. Sicherungshalter C in der Schalttafel	2412
11. Sicherungshalter C in der Schalttafel	2413
12. Relais für Spannungsversorgung der Kl. 15, Entlastungsrelais für X-Kontakt	2414
13. Steuergerät für Lenksäulenelektronik	2415
14. Steuergerät für Lenksäulenelektronik, Scheibenwischerschalter für Intervallbetrieb, Schalter für Heckscheibenwischer, Regler für Scheibenwischer-Intervallschaltung
2416
15. Steuergerät für Lenksäulenelektronik, Abrufftaste für Multifunktionsanzeige, Magnet für Zündschlüsselabzugssperre	2417
16. Steuergerät für Lenksäulenelektronik, Zündanlassschalter	2418
17. Steuergerät für Lenksäulenelektronik, Blinklichtschalter, Schalter für Handabblendung und Lichthupe	2419
18. Steuergerät für Lenksäulenelektronik, Schalter für GRA, Signalhornbetätigung, Wickelfeder	2420
19. Scheibenwischermotor Fahrerseite, Scheibenwaschpumpe, Sensor für Regen- und Lichterkennung	2421
20. Motor für Heckscheibenwischer, Frontscheibenwasch- und Heckscheibenwaschpumpe	2422
21. Lichtschalter	2423
22. Scheinwerfer links	2424
23. Scheinwerfer rechts, Regler für Schalter- und Instrumentenbeleuchtung, Einsteller für Leuchtweitenregelung	2425
24. Schlussleuchte links	2426
25. Schlussleuchte rechts	2427
26. Lampe für hochgesetzte Bremsleuchte, Kennzeichenleuchte, Relais für beheizbare Heckscheibe, beheizbare Heckscheibe	2428
27. Taster für Warnlicht, Bremspedalschalter, Schalter für Rückfahrleuchten	2429
28. Innenleuchte vorn, Leseleuchte Fahrerseite, Leseleuchte Beifahrerseite	2430
29. Innenleuchte hinten, Leseleuchte hinten Mitte, Kontaktschalter für Make-up-Spiegel, beleuchteter Make-up-Spiegel	2431
30. Leseleuchte hinten links, Leseleuchte hinten rechts, Handschuhfachleuchte	2432
31. Schließeinheit für Heckklappe, Heckklappenleuchte, (ohne elektrisch betätigte Heckklappe)	2433
